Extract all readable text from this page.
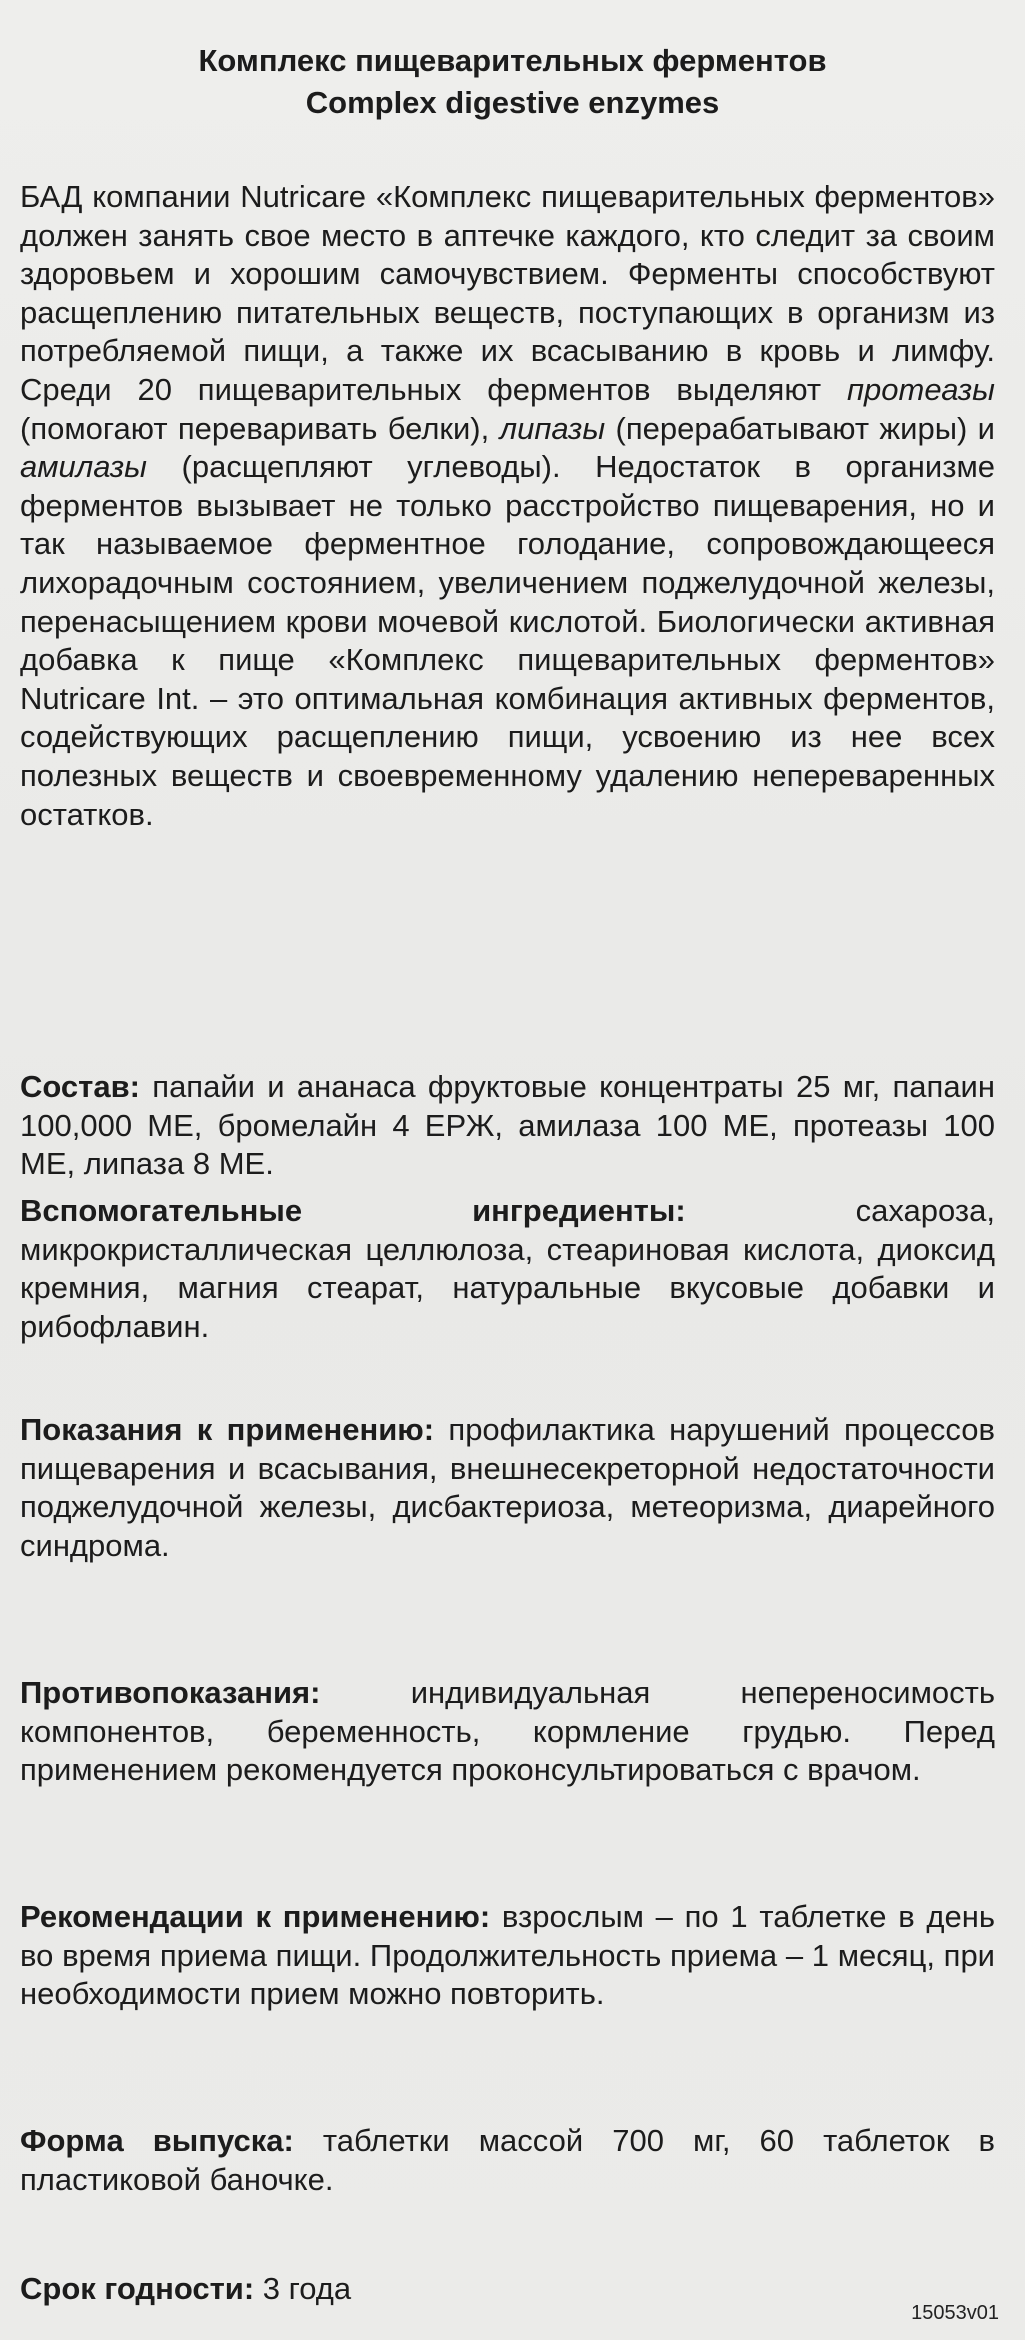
Комплекс пищеварительных ферментов
Complex digestive enzymes
БАД компании Nutricare «Комплекс пищеварительных ферментов» должен занять свое место в аптечке каждого, кто следит за своим здоровьем и хорошим самочувствием. Ферменты способствуют расщеплению питательных веществ, поступающих в организм из потребляемой пищи, а также их всасыванию в кровь и лимфу. Среди 20 пищеварительных ферментов выделяют протеазы (помогают переваривать белки), липазы (перерабатывают жиры) и амилазы (расщепляют углеводы). Недостаток в организме ферментов вызывает не только расстройство пищеварения, но и так называемое ферментное голодание, сопровождающееся лихорадочным состоянием, увеличением поджелудочной железы, перенасыщением крови мочевой кислотой. Биологически активная добавка к пище «Комплекс пищеварительных ферментов» Nutricare Int. – это оптимальная комбинация активных ферментов, содействующих расщеплению пищи, усвоению из нее всех полезных веществ и своевременному удалению непереваренных остатков.
Состав: папайи и ананаса фруктовые концентраты 25 мг, папаин 100,000 МЕ, бромелайн 4 ЕРЖ, амилаза 100 МЕ, протеазы 100 МЕ, липаза 8 МЕ.
Вспомогательные ингредиенты: сахароза, микрокристаллическая целлюлоза, стеариновая кислота, диоксид кремния, магния стеарат, натуральные вкусовые добавки и рибофлавин.
Показания к применению: профилактика нарушений процессов пищеварения и всасывания, внешнесекреторной недостаточности поджелудочной железы, дисбактериоза, метеоризма, диарейного синдрома.
Противопоказания: индивидуальная непереносимость компонентов, беременность, кормление грудью. Перед применением рекомендуется проконсультироваться с врачом.
Рекомендации к применению: взрослым – по 1 таблетке в день во время приема пищи. Продолжительность приема – 1 месяц, при необходимости прием можно повторить.
Форма выпуска: таблетки массой 700 мг, 60 таблеток в пластиковой баночке.
Срок годности: 3 года
15053v01
